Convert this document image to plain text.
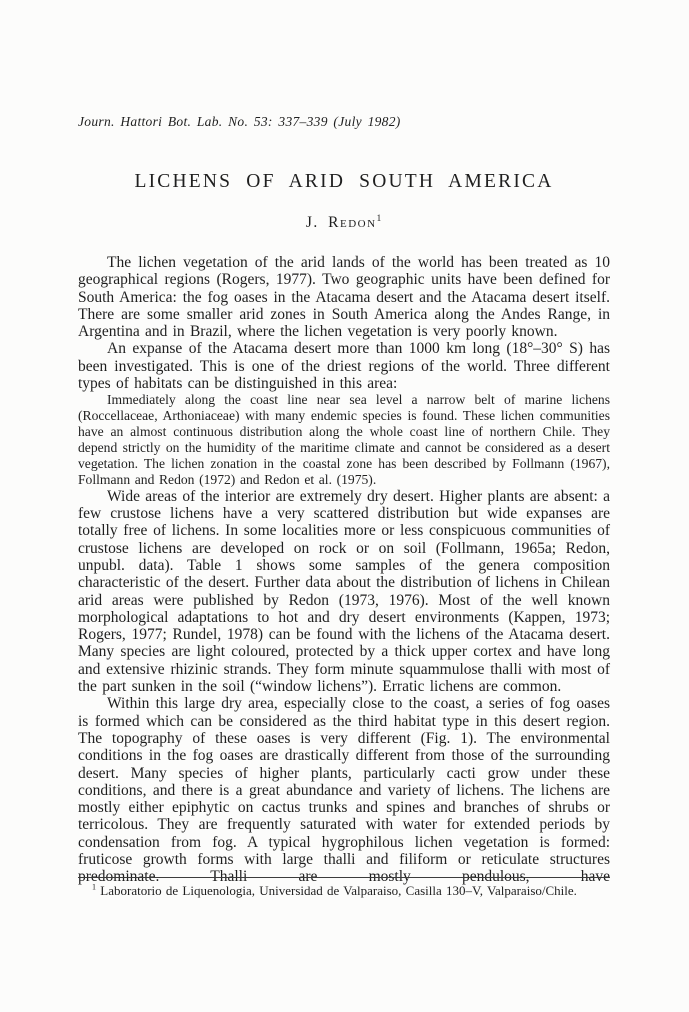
Journ. Hattori Bot. Lab. No. 53: 337–339 (July 1982)
LICHENS OF ARID SOUTH AMERICA
J. Redon$^1$

The lichen vegetation of the arid lands of the world has been treated as 10 geographical regions (Rogers, 1977). Two geographic units have been defined for South America: the fog oases in the Atacama desert and the Atacama desert itself. There are some smaller arid zones in South America along the Andes Range, in Argentina and in Brazil, where the lichen vegetation is very poorly known.

An expanse of the Atacama desert more than 1000 km long (18°–30° S) has been investigated. This is one of the driest regions of the world. Three different types of habitats can be distinguished in this area:

Immediately along the coast line near sea level a narrow belt of marine lichens (Roccellaceae, Arthoniaceae) with many endemic species is found. These lichen communities have an almost continuous distribution along the whole coast line of northern Chile. They depend strictly on the humidity of the maritime climate and cannot be considered as a desert vegetation. The lichen zonation in the coastal zone has been described by Follmann (1967), Follmann and Redon (1972) and Redon et al. (1975).

Wide areas of the interior are extremely dry desert. Higher plants are absent: a few crustose lichens have a very scattered distribution but wide expanses are totally free of lichens. In some localities more or less conspicuous communities of crustose lichens are developed on rock or on soil (Follmann, 1965a; Redon, unpubl. data). Table 1 shows some samples of the genera composition characteristic of the desert. Further data about the distribution of lichens in Chilean arid areas were published by Redon (1973, 1976). Most of the well known morphological adaptations to hot and dry desert environments (Kappen, 1973; Rogers, 1977; Rundel, 1978) can be found with the lichens of the Atacama desert. Many species are light coloured, protected by a thick upper cortex and have long and extensive rhizinic strands. They form minute squammulose thalli with most of the part sunken in the soil (“window lichens”). Erratic lichens are common.

Within this large dry area, especially close to the coast, a series of fog oases is formed which can be considered as the third habitat type in this desert region. The topography of these oases is very different (Fig. 1). The environmental conditions in the fog oases are drastically different from those of the surrounding desert. Many species of higher plants, particularly cacti grow under these conditions, and there is a great abundance and variety of lichens. The lichens are mostly either epiphytic on cactus trunks and spines and branches of shrubs or terricolous. They are frequently saturated with water for extended periods by condensation from fog. A typical hygrophilous lichen vegetation is formed: fruticose growth forms with large thalli and filiform or reticulate structures predominate. Thalli are mostly pendulous, have

$^1$ Laboratorio de Liquenologia, Universidad de Valparaiso, Casilla 130–V, Valparaiso/Chile.
